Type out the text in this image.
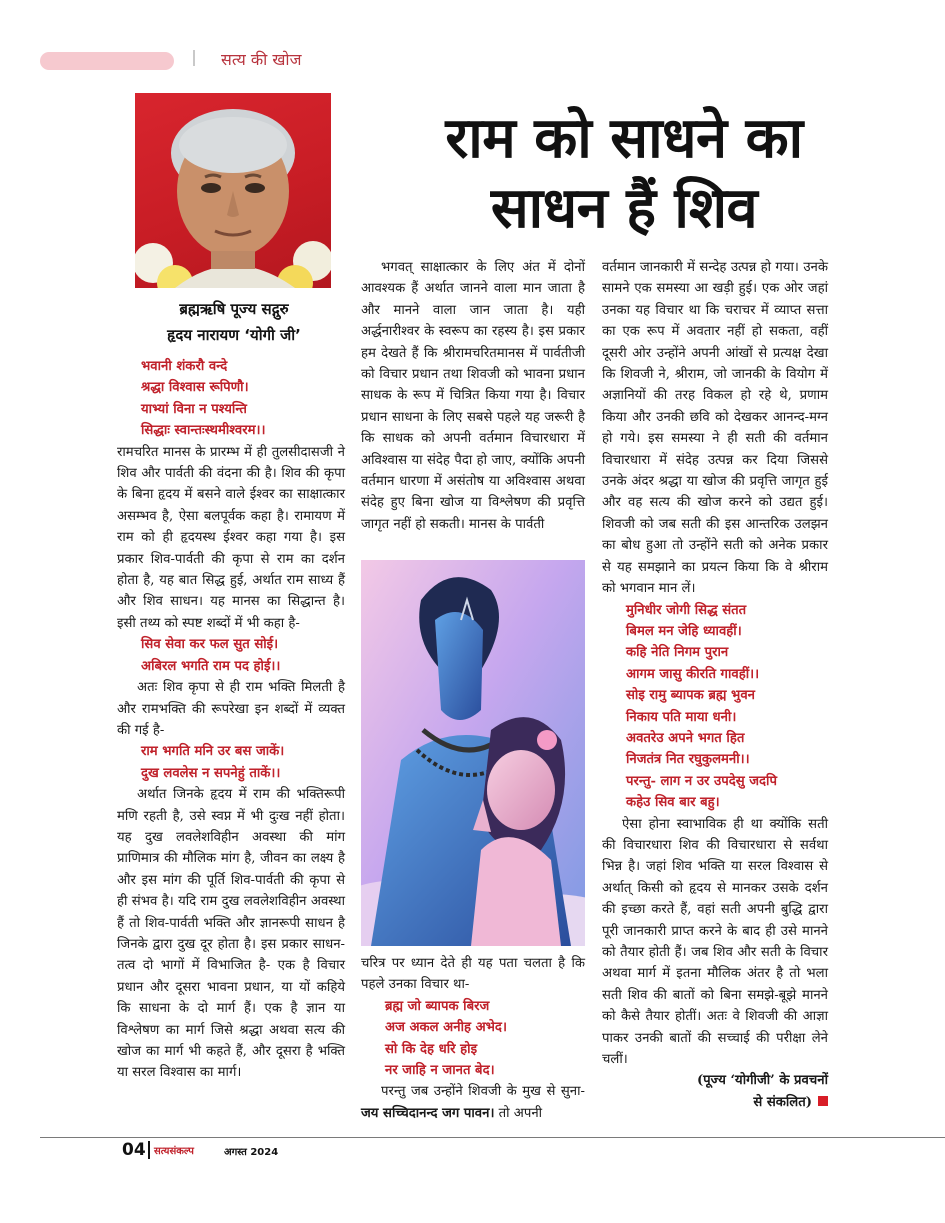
सत्य की खोज
ब्रह्मऋषि पूज्य सद्गुरु
हृदय नारायण ‘योगी जी’
राम को साधने का
साधन हैं शिव
भवानी शंकरौ वन्दे
श्रद्धा विश्वास रूपिणौ।
याभ्यां विना न पश्यन्ति
सिद्धाः स्वान्तःस्थमीश्वरम।।

रामचरित मानस के प्रारम्भ में ही तुलसीदासजी ने शिव और पार्वती की वंदना की है। शिव की कृपा के बिना हृदय में बसने वाले ईश्वर का साक्षात्कार असम्भव है, ऐसा बलपूर्वक कहा है। रामायण में राम को ही हृदयस्थ ईश्वर कहा गया है। इस प्रकार शिव-पार्वती की कृपा से राम का दर्शन होता है, यह बात सिद्ध हुई, अर्थात राम साध्य हैं और शिव साधन। यह मानस का सिद्धान्त है। इसी तथ्य को स्पष्ट शब्दों में भी कहा है-

सिव सेवा कर फल सुत सोई।
अबिरल भगति राम पद होई।।

अतः शिव कृपा से ही राम भक्ति मिलती है और रामभक्ति की रूपरेखा इन शब्दों में व्यक्त की गई है-

राम भगति मनि उर बस जाकें।
दुख लवलेस न सपनेहुं ताकें।।

अर्थात जिनके हृदय में राम की भक्तिरूपी मणि रहती है, उसे स्वप्न में भी दुःख नहीं होता। यह दुख लवलेशविहीन अवस्था की मांग प्राणिमात्र की मौलिक मांग है, जीवन का लक्ष्य है और इस मांग की पूर्ति शिव-पार्वती की कृपा से ही संभव है। यदि राम दुख लवलेशविहीन अवस्था हैं तो शिव-पार्वती भक्ति और ज्ञानरूपी साधन है जिनके द्वारा दुख दूर होता है। इस प्रकार साधन-तत्व दो भागों में विभाजित है- एक है विचार प्रधान और दूसरा भावना प्रधान, या यों कहिये कि साधना के दो मार्ग हैं। एक है ज्ञान या विश्लेषण का मार्ग जिसे श्रद्धा अथवा सत्य की खोज का मार्ग भी कहते हैं, और दूसरा है भक्ति या सरल विश्वास का मार्ग।

भगवत् साक्षात्कार के लिए अंत में दोनों आवश्यक हैं अर्थात जानने वाला मान जाता है और मानने वाला जान जाता है। यही अर्द्धनारीश्वर के स्वरूप का रहस्य है। इस प्रकार हम देखते हैं कि श्रीरामचरितमानस में पार्वतीजी को विचार प्रधान तथा शिवजी को भावना प्रधान साधक के रूप में चित्रित किया गया है। विचार प्रधान साधना के लिए सबसे पहले यह जरूरी है कि साधक को अपनी वर्तमान विचारधारा में अविश्वास या संदेह पैदा हो जाए, क्योंकि अपनी वर्तमान धारणा में असंतोष या अविश्वास अथवा संदेह हुए बिना खोज या विश्लेषण की प्रवृत्ति जागृत नहीं हो सकती। मानस के पार्वती

चरित्र पर ध्यान देते ही यह पता चलता है कि पहले उनका विचार था-

ब्रह्म जो ब्यापक बिरज
अज अकल अनीह अभेद।
सो कि देह धरि होइ
नर जाहि न जानत बेद।

परन्तु जब उन्होंने शिवजी के मुख से सुना-जय सच्चिदानन्द जग पावन। तो अपनी

वर्तमान जानकारी में सन्देह उत्पन्न हो गया। उनके सामने एक समस्या आ खड़ी हुई। एक ओर जहां उनका यह विचार था कि चराचर में व्याप्त सत्ता का एक रूप में अवतार नहीं हो सकता, वहीं दूसरी ओर उन्होंने अपनी आंखों से प्रत्यक्ष देखा कि शिवजी ने, श्रीराम, जो जानकी के वियोग में अज्ञानियों की तरह विकल हो रहे थे, प्रणाम किया और उनकी छवि को देखकर आनन्द-मग्न हो गये। इस समस्या ने ही सती की वर्तमान विचारधारा में संदेह उत्पन्न कर दिया जिससे उनके अंदर श्रद्धा या खोज की प्रवृत्ति जागृत हुई और वह सत्य की खोज करने को उद्यत हुई। शिवजी को जब सती की इस आन्तरिक उलझन का बोध हुआ तो उन्होंने सती को अनेक प्रकार से यह समझाने का प्रयत्न किया कि वे श्रीराम को भगवान मान लें।

मुनिधीर जोगी सिद्ध संतत
बिमल मन जेहि ध्यावहीं।
कहि नेति निगम पुरान
आगम जासु कीरति गावहीं।।
सोइ रामु ब्यापक ब्रह्म भुवन
निकाय पति माया धनी।
अवतरेउ अपने भगत हित
निजतंत्र नित रघुकुलमनी।।
परन्तु- लाग न उर उपदेसु जदपि
कहेउ सिव बार बहु।

ऐसा होना स्वाभाविक ही था क्योंकि सती की विचारधारा शिव की विचारधारा से सर्वथा भिन्न है। जहां शिव भक्ति या सरल विश्वास से अर्थात् किसी को हृदय से मानकर उसके दर्शन की इच्छा करते हैं, वहां सती अपनी बुद्धि द्वारा पूरी जानकारी प्राप्त करने के बाद ही उसे मानने को तैयार होती हैं। जब शिव और सती के विचार अथवा मार्ग में इतना मौलिक अंतर है तो भला सती शिव की बातों को बिना समझे-बूझे मानने को कैसे तैयार होतीं। अतः वे शिवजी की आज्ञा पाकर उनकी बातों की सच्चाई की परीक्षा लेने चलीं।

(पूज्य ‘योगीजी’ के प्रवचनों
से संकलित)
04 सत्यसंकल्प	अगस्त 2024
